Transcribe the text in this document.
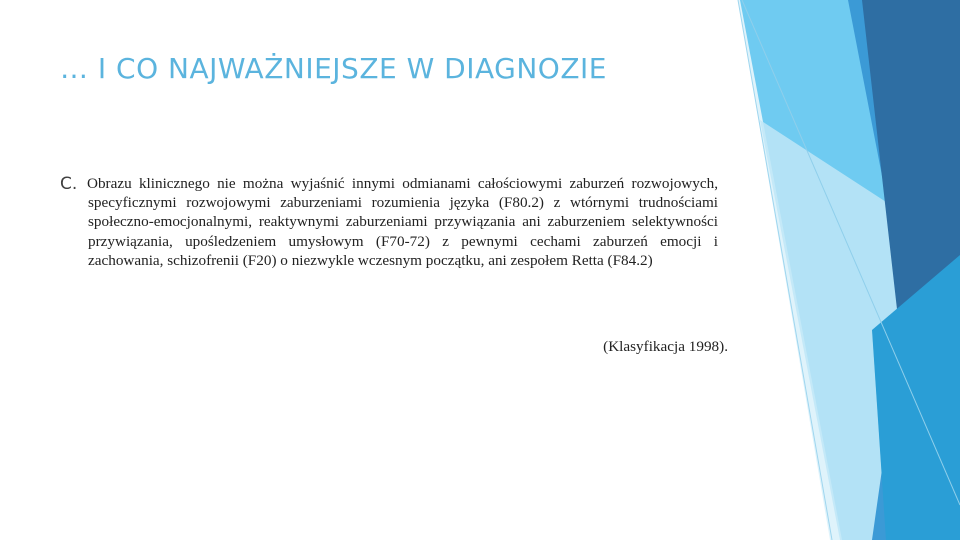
… I CO NAJWAŻNIEJSZE W DIAGNOZIE
C. Obrazu klinicznego nie można wyjaśnić innymi odmianami całościowymi zaburzeń rozwojowych, specyficznymi rozwojowymi zaburzeniami rozumienia języka (F80.2) z wtórnymi trudnościami społeczno-emocjonalnymi, reaktywnymi zaburzeniami przywiązania ani zaburzeniem selektywności przywiązania, upośledzeniem umysłowym (F70-72) z pewnymi cechami zaburzeń emocji i zachowania, schizofrenii (F20) o niezwykle wczesnym początku, ani zespołem Retta (F84.2)

(Klasyfikacja 1998).
